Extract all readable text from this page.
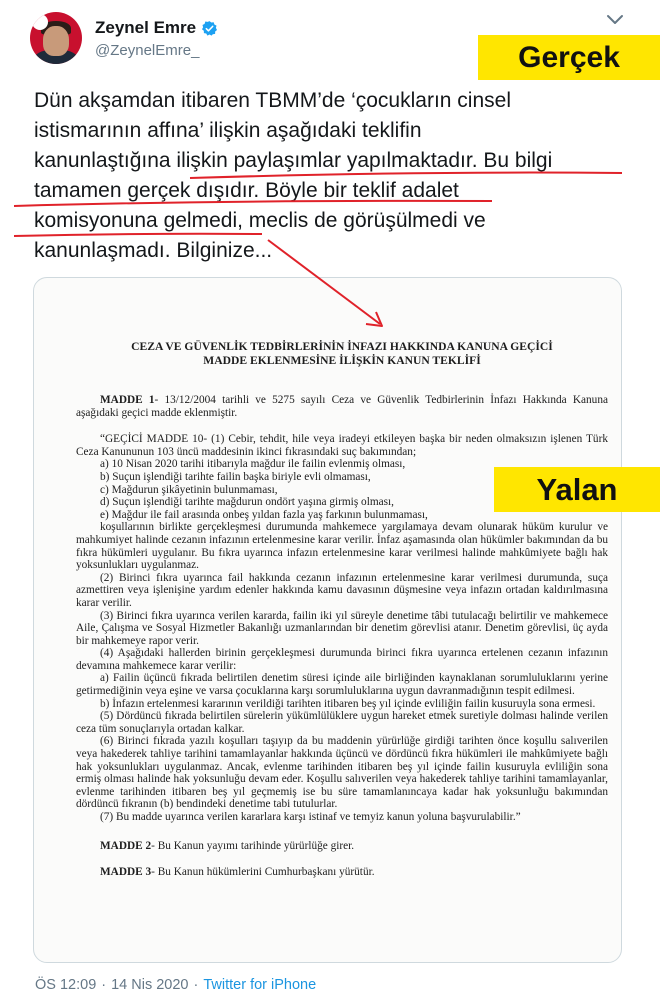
Zeynel Emre
@ZeynelEmre_	Gerçek
Dün akşamdan itibaren TBMM’de ‘çocukların cinsel
istismarının affına’ ilişkin aşağıdaki teklifin
kanunlaştığına ilişkin paylaşımlar yapılmaktadır. Bu bilgi
tamamen gerçek dışıdır. Böyle bir teklif adalet
komisyonuna gelmedi, meclis de görüşülmedi ve
kanunlaşmadı. Bilginize...
CEZA VE GÜVENLİK TEDBİRLERİNİN İNFAZI HAKKINDA KANUNA GEÇİCİ
MADDE EKLENMESİNE İLİŞKİN KANUN TEKLİFİ

MADDE 1- 13/12/2004 tarihli ve 5275 sayılı Ceza ve Güvenlik Tedbirlerinin İnfazı Hakkında Kanuna aşağıdaki geçici madde eklenmiştir.

“GEÇİCİ MADDE 10- (1) Cebir, tehdit, hile veya iradeyi etkileyen başka bir neden olmaksızın işlenen Türk Ceza Kanununun 103 üncü maddesinin ikinci fıkrasındaki suç bakımından;

a) 10 Nisan 2020 tarihi itibarıyla mağdur ile failin evlenmiş olması,

b) Suçun işlendiği tarihte failin başka biriyle evli olmaması,

c) Mağdurun şikâyetinin bulunmaması,

d) Suçun işlendiği tarihte mağdurun ondört yaşına girmiş olması,

e) Mağdur ile fail arasında onbeş yıldan fazla yaş farkının bulunmaması,

koşullarının birlikte gerçekleşmesi durumunda mahkemece yargılamaya devam olunarak hüküm kurulur ve mahkumiyet halinde cezanın infazının ertelenmesine karar verilir. İnfaz aşamasında olan hükümler bakımından da bu fıkra hükümleri uygulanır. Bu fıkra uyarınca infazın ertelenmesine karar verilmesi halinde mahkûmiyete bağlı hak yoksunlukları uygulanmaz.

(2) Birinci fıkra uyarınca fail hakkında cezanın infazının ertelenmesine karar verilmesi durumunda, suça azmettiren veya işlenişine yardım edenler hakkında kamu davasının düşmesine veya infazın ortadan kaldırılmasına karar verilir.

(3) Birinci fıkra uyarınca verilen kararda, failin iki yıl süreyle denetime tâbi tutulacağı belirtilir ve mahkemece Aile, Çalışma ve Sosyal Hizmetler Bakanlığı uzmanlarından bir denetim görevlisi atanır. Denetim görevlisi, üç ayda bir mahkemeye rapor verir.

(4) Aşağıdaki hallerden birinin gerçekleşmesi durumunda birinci fıkra uyarınca ertelenen cezanın infazının devamına mahkemece karar verilir:

a) Failin üçüncü fıkrada belirtilen denetim süresi içinde aile birliğinden kaynaklanan sorumluluklarını yerine getirmediğinin veya eşine ve varsa çocuklarına karşı sorumluluklarına uygun davranmadığının tespit edilmesi.

b) İnfazın ertelenmesi kararının verildiği tarihten itibaren beş yıl içinde evliliğin failin kusuruyla sona ermesi.

(5) Dördüncü fıkrada belirtilen sürelerin yükümlülüklere uygun hareket etmek suretiyle dolması halinde verilen ceza tüm sonuçlarıyla ortadan kalkar.

(6) Birinci fıkrada yazılı koşulları taşıyıp da bu maddenin yürürlüğe girdiği tarihten önce koşullu salıverilen veya hakederek tahliye tarihini tamamlayanlar hakkında üçüncü ve dördüncü fıkra hükümleri ile mahkûmiyete bağlı hak yoksunlukları uygulanmaz. Ancak, evlenme tarihinden itibaren beş yıl içinde failin kusuruyla evliliğin sona ermiş olması halinde hak yoksunluğu devam eder. Koşullu salıverilen veya hakederek tahliye tarihini tamamlayanlar, evlenme tarihinden itibaren beş yıl geçmemiş ise bu süre tamamlanıncaya kadar hak yoksunluğu bakımından dördüncü fıkranın (b) bendindeki denetime tabi tutulurlar.

(7) Bu madde uyarınca verilen kararlara karşı istinaf ve temyiz kanun yoluna başvurulabilir.”

MADDE 2- Bu Kanun yayımı tarihinde yürürlüğe girer.

MADDE 3- Bu Kanun hükümlerini Cumhurbaşkanı yürütür.

Yalan
ÖS 12:09 · 14 Nis 2020 · Twitter for iPhone
